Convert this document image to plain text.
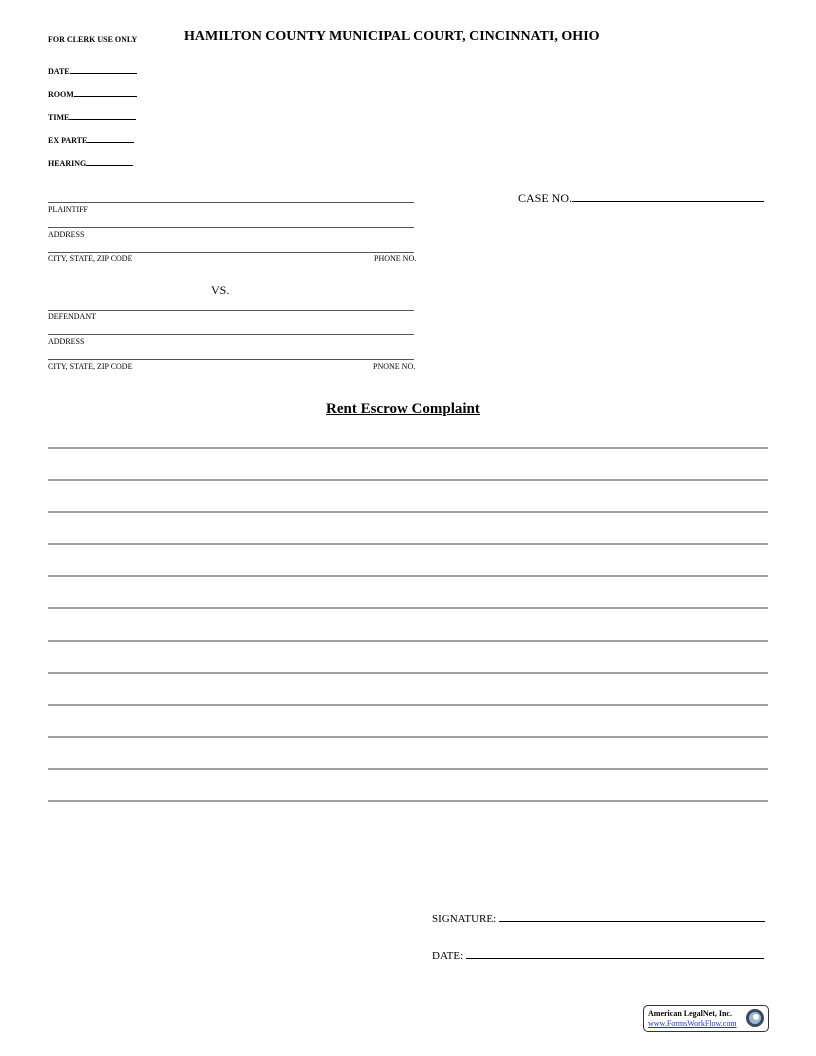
FOR CLERK USE ONLY	HAMILTON COUNTY MUNICIPAL COURT, CINCINNATI, OHIO
DATE
ROOM
TIME
EX PARTE
HEARING
CASE NO.
PLAINTIFF
ADDRESS
CITY, STATE, ZIP CODE	PHONE NO.
VS.
DEFENDANT
ADDRESS
CITY, STATE, ZIP CODE	PNONE NO.
Rent Escrow Complaint
SIGNATURE:
DATE:
American LegalNet, Inc.
www.FormsWorkFlow.com
